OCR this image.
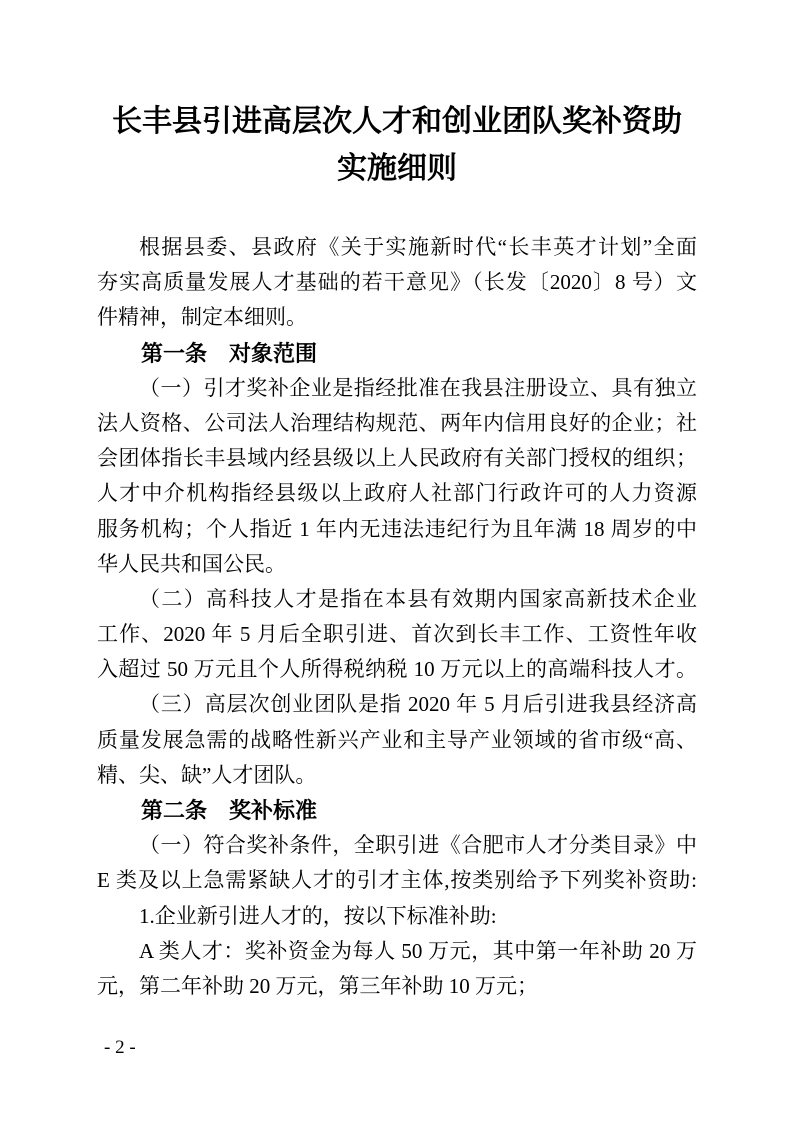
长丰县引进高层次人才和创业团队奖补资助
实施细则
根据县委、县政府《关于实施新时代“长丰英才计划”全面
夯实高质量发展人才基础的若干意见》（长发〔2020〕8 号）文
件精神，制定本细则。
第一条　对象范围
（一）引才奖补企业是指经批准在我县注册设立、具有独立
法人资格、公司法人治理结构规范、两年内信用良好的企业；社
会团体指长丰县域内经县级以上人民政府有关部门授权的组织；
人才中介机构指经县级以上政府人社部门行政许可的人力资源
服务机构；个人指近 1 年内无违法违纪行为且年满 18 周岁的中
华人民共和国公民。
（二）高科技人才是指在本县有效期内国家高新技术企业
工作、2020 年 5 月后全职引进、首次到长丰工作、工资性年收
入超过 50 万元且个人所得税纳税 10 万元以上的高端科技人才。
（三）高层次创业团队是指 2020 年 5 月后引进我县经济高
质量发展急需的战略性新兴产业和主导产业领域的省市级“高、
精、尖、缺”人才团队。
第二条　奖补标准
（一）符合奖补条件，全职引进《合肥市人才分类目录》中
E 类及以上急需紧缺人才的引才主体,按类别给予下列奖补资助:
1.企业新引进人才的，按以下标准补助:
A 类人才：奖补资金为每人 50 万元，其中第一年补助 20 万
元，第二年补助 20 万元，第三年补助 10 万元；
- 2 -
